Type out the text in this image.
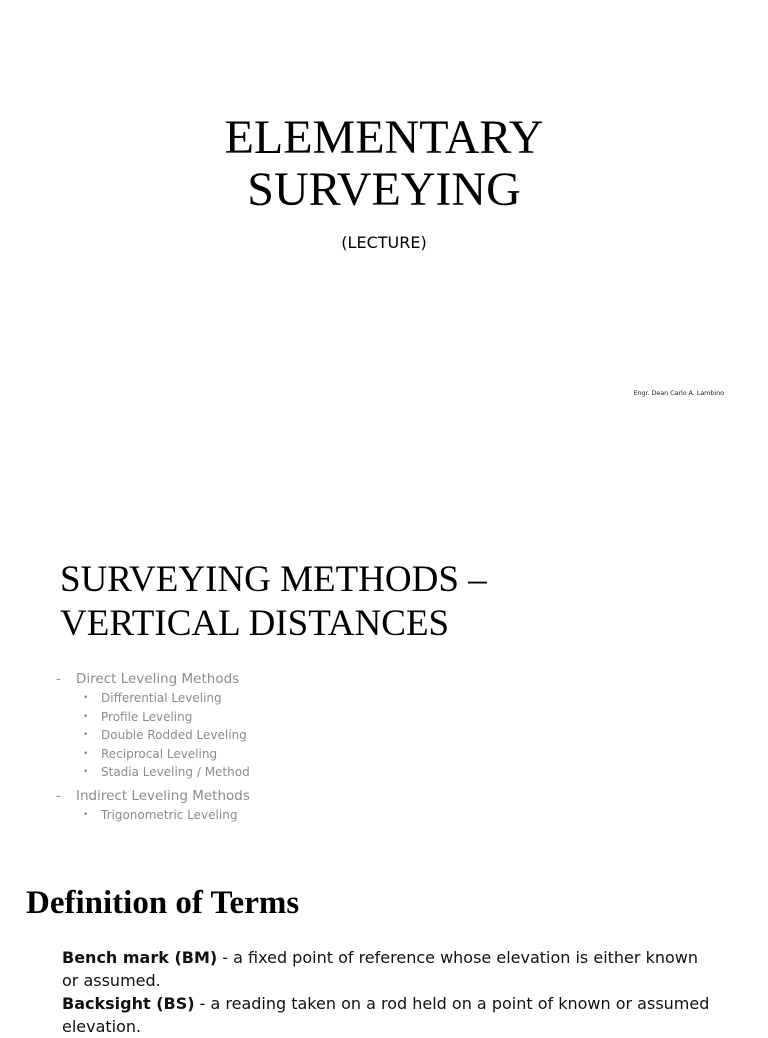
ELEMENTARY
SURVEYING

(LECTURE)

Engr. Dean Carlo A. Lambino

SURVEYING METHODS –
VERTICAL DISTANCES
-	Direct Leveling Methods
•	Differential Leveling
•	Profile Leveling
•	Double Rodded Leveling
•	Reciprocal Leveling
•	Stadia Leveling / Method
-	Indirect Leveling Methods
•	Trigonometric Leveling
Definition of Terms
Bench mark (BM) - a fixed point of reference whose elevation is either known or assumed.
Backsight (BS) - a reading taken on a rod held on a point of known or assumed elevation.
